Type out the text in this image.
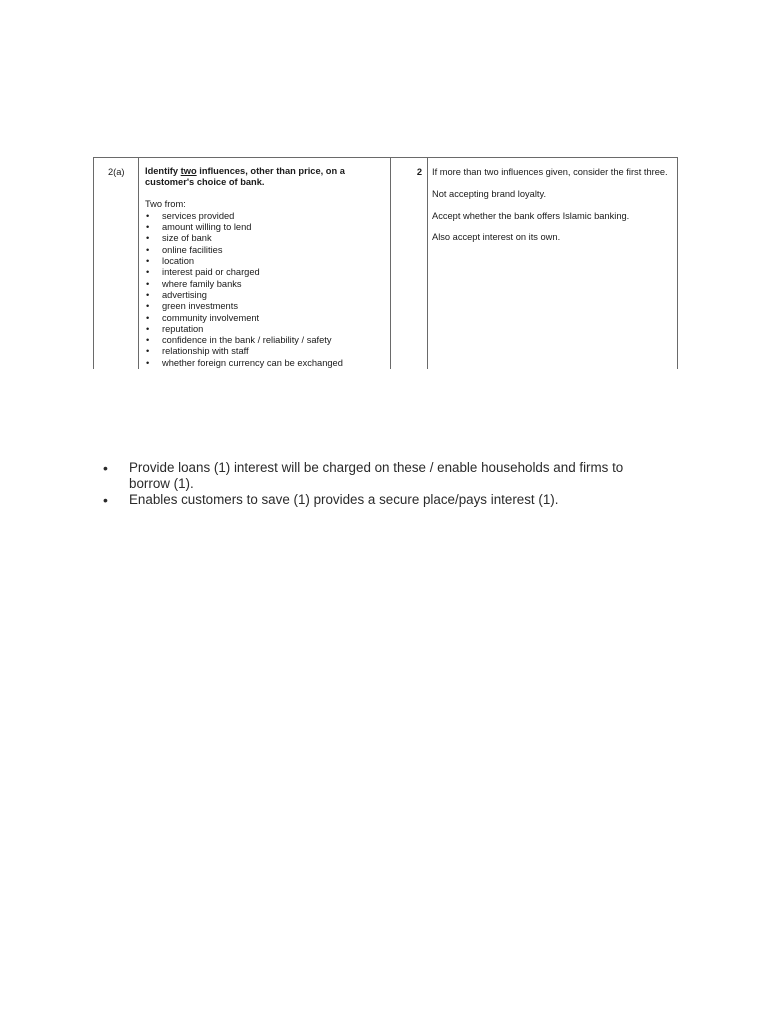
2(a) Identify two influences, other than price, on a customer's choice of bank.

Two from:

• services provided
• amount willing to lend
• size of bank
• online facilities
• location
• interest paid or charged
• where family banks
• advertising
• green investments
• community involvement
• reputation
• confidence in the bank / reliability / safety
• relationship with staff
• whether foreign currency can be exchanged
2 If more than two influences given, consider the first three.

Not accepting brand loyalty.

Accept whether the bank offers Islamic banking.

Also accept interest on its own.

• Provide loans (1) interest will be charged on these / enable households and firms to borrow (1).
• Enables customers to save (1) provides a secure place/pays interest (1).
